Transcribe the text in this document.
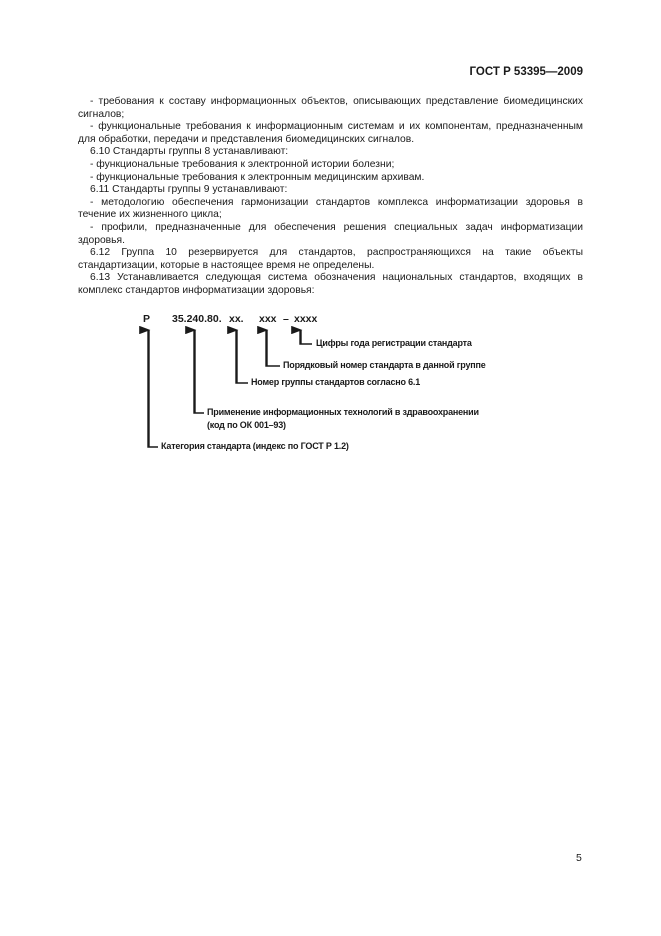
ГОСТ Р 53395—2009

- требования к составу информационных объектов, описывающих представление биомедицинских сигналов;

- функциональные требования к информационным системам и их компонентам, предназначенным для обработки, передачи и представления биомедицинских сигналов.

6.10 Стандарты группы 8 устанавливают:

- функциональные требования к электронной истории болезни;

- функциональные требования к электронным медицинским архивам.

6.11 Стандарты группы 9 устанавливают:

- методологию обеспечения гармонизации стандартов комплекса информатизации здоровья в течение их жизненного цикла;

- профили, предназначенные для обеспечения решения специальных задач информатизации здоровья.

6.12 Группа 10 резервируется для стандартов, распространяющихся на такие объекты стандартизации, которые в настоящее время не определены.

6.13 Устанавливается следующая система обозначения национальных стандартов, входящих в комплекс стандартов информатизации здоровья:

Р 35.240.80. хх. ххх – хххх
Цифры года регистрации стандарта
Порядковый номер стандарта в данной группе
Номер группы стандартов согласно 6.1
Применение информационных технологий в здравоохранении
(код по ОК 001–93)
Категория стандарта (индекс по ГОСТ Р 1.2)
5
